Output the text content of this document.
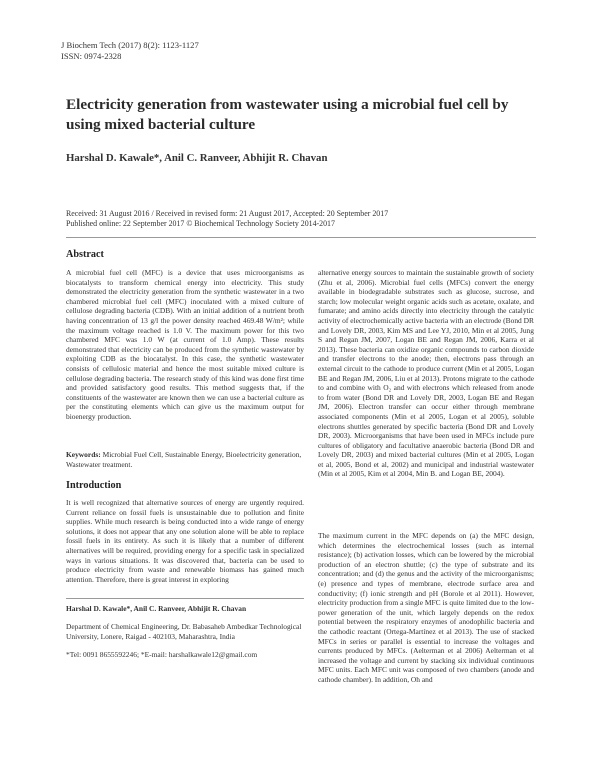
J Biochem Tech (2017) 8(2): 1123-1127
ISSN: 0974-2328
Electricity generation from wastewater using a microbial fuel cell by using mixed bacterial culture
Harshal D. Kawale*, Anil C. Ranveer, Abhijit R. Chavan
Received: 31 August 2016 / Received in revised form: 21 August 2017, Accepted: 20 September 2017
Published online: 22 September 2017 © Biochemical Technology Society 2014-2017
Abstract
A microbial fuel cell (MFC) is a device that uses microorganisms as biocatalysts to transform chemical energy into electricity. This study demonstrated the electricity generation from the synthetic wastewater in a two chambered microbial fuel cell (MFC) inoculated with a mixed culture of cellulose degrading bacteria (CDB). With an initial addition of a nutrient broth having concentration of 13 g/l the power density reached 469.48 W/m²; while the maximum voltage reached is 1.0 V. The maximum power for this two chambered MFC was 1.0 W (at current of 1.0 Amp). These results demonstrated that electricity can be produced from the synthetic wastewater by exploiting CDB as the biocatalyst. In this case, the synthetic wastewater consists of cellulosic material and hence the most suitable mixed culture is cellulose degrading bacteria. The research study of this kind was done first time and provided satisfactory good results. This method suggests that, if the constituents of the wastewater are known then we can use a bacterial culture as per the constituting elements which can give us the maximum output for bioenergy production.
Keywords: Microbial Fuel Cell, Sustainable Energy, Bioelectricity generation, Wastewater treatment.
Introduction
It is well recognized that alternative sources of energy are urgently required. Current reliance on fossil fuels is unsustainable due to pollution and finite supplies. While much research is being conducted into a wide range of energy solutions, it does not appear that any one solution alone will be able to replace fossil fuels in its entirety. As such it is likely that a number of different alternatives will be required, providing energy for a specific task in specialized ways in various situations. It was discovered that, bacteria can be used to produce electricity from waste and renewable biomass has gained much attention. Therefore, there is great interest in exploring
Harshal D. Kawale*, Anil C. Ranveer, Abhijit R. Chavan
Department of Chemical Engineering, Dr. Babasaheb Ambedkar Technological University, Lonere, Raigad - 402103, Maharashtra, India
*Tel: 0091 8655592246; *E-mail: harshalkawale12@gmail.com
alternative energy sources to maintain the sustainable growth of society (Zhu et al, 2006). Microbial fuel cells (MFCs) convert the energy available in biodegradable substrates such as glucose, sucrose, and starch; low molecular weight organic acids such as acetate, oxalate, and fumarate; and amino acids directly into electricity through the catalytic activity of electrochemically active bacteria with an electrode (Bond DR and Lovely DR, 2003, Kim MS and Lee YJ, 2010, Min et al 2005, Jung S and Regan JM, 2007, Logan BE and Regan JM, 2006, Karra et al 2013). These bacteria can oxidize organic compounds to carbon dioxide and transfer electrons to the anode; then, electrons pass through an external circuit to the cathode to produce current (Min et al 2005, Logan BE and Regan JM, 2006, Liu et al 2013). Protons migrate to the cathode to and combine with O₂ and with electrons which released from anode to from water (Bond DR and Lovely DR, 2003, Logan BE and Regan JM, 2006). Electron transfer can occur either through membrane associated components (Min et al 2005, Logan et al 2005), soluble electrons shuttles generated by specific bacteria (Bond DR and Lovely DR, 2003). Microorganisms that have been used in MFCs include pure cultures of obligatory and facultative anaerobic bacteria (Bond DR and Lovely DR, 2003) and mixed bacterial cultures (Min et al 2005, Logan et al, 2005, Bond et al, 2002) and municipal and industrial wastewater (Min et al 2005, Kim et al 2004, Min B. and Logan BE, 2004).
The maximum current in the MFC depends on (a) the MFC design, which determines the electrochemical losses (such as internal resistance); (b) activation losses, which can be lowered by the microbial production of an electron shuttle; (c) the type of substrate and its concentration; and (d) the genus and the activity of the microorganisms; (e) presence and types of membrane, electrode surface area and conductivity; (f) ionic strength and pH (Borole et al 2011). However, electricity production from a single MFC is quite limited due to the low-power generation of the unit, which largely depends on the redox potential between the respiratory enzymes of anodophilic bacteria and the cathodic reactant (Ortega-Martínez et al 2013). The use of stacked MFCs in series or parallel is essential to increase the voltages and currents produced by MFCs. (Aelterman et al 2006) Aelterman et al increased the voltage and current by stacking six individual continuous MFC units. Each MFC unit was composed of two chambers (anode and cathode chamber). In addition, Oh and
